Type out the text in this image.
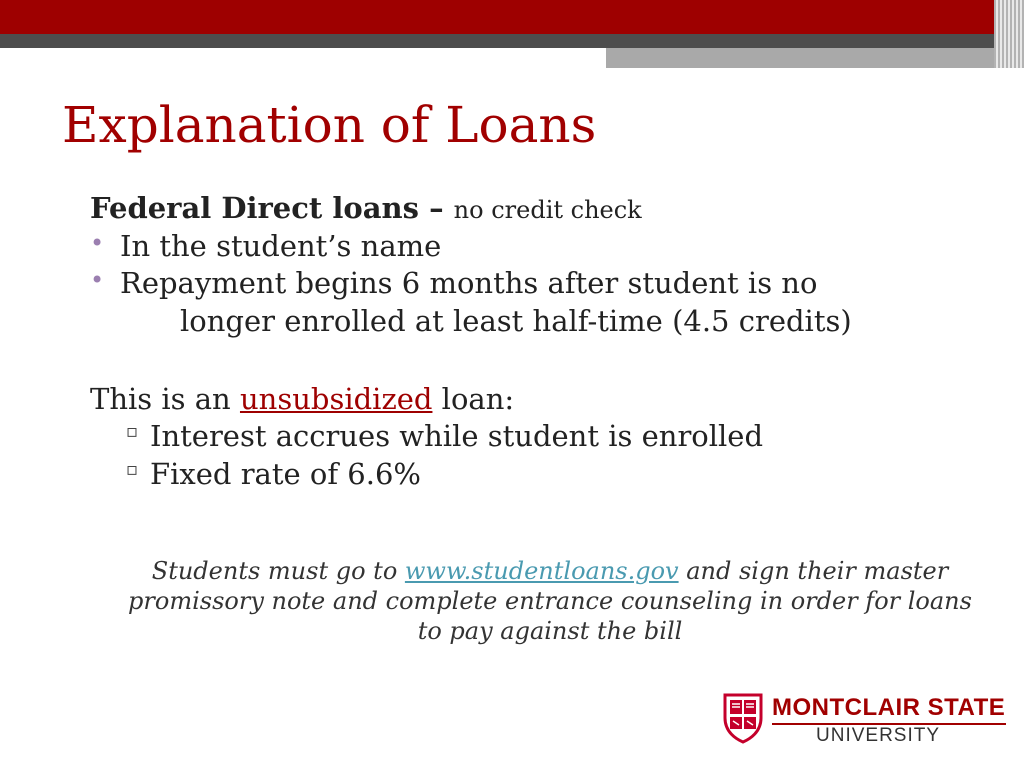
Explanation of Loans
Federal Direct loans – no credit check
• In the student’s name
• Repayment begins 6 months after student is no
longer enrolled at least half-time (4.5 credits)
This is an unsubsidized loan:
▫ Interest accrues while student is enrolled
▫ Fixed rate of 6.6%
Students must go to www.studentloans.gov and sign their master promissory note and complete entrance counseling in order for loans to pay against the bill
MONTCLAIR STATE
UNIVERSITY
